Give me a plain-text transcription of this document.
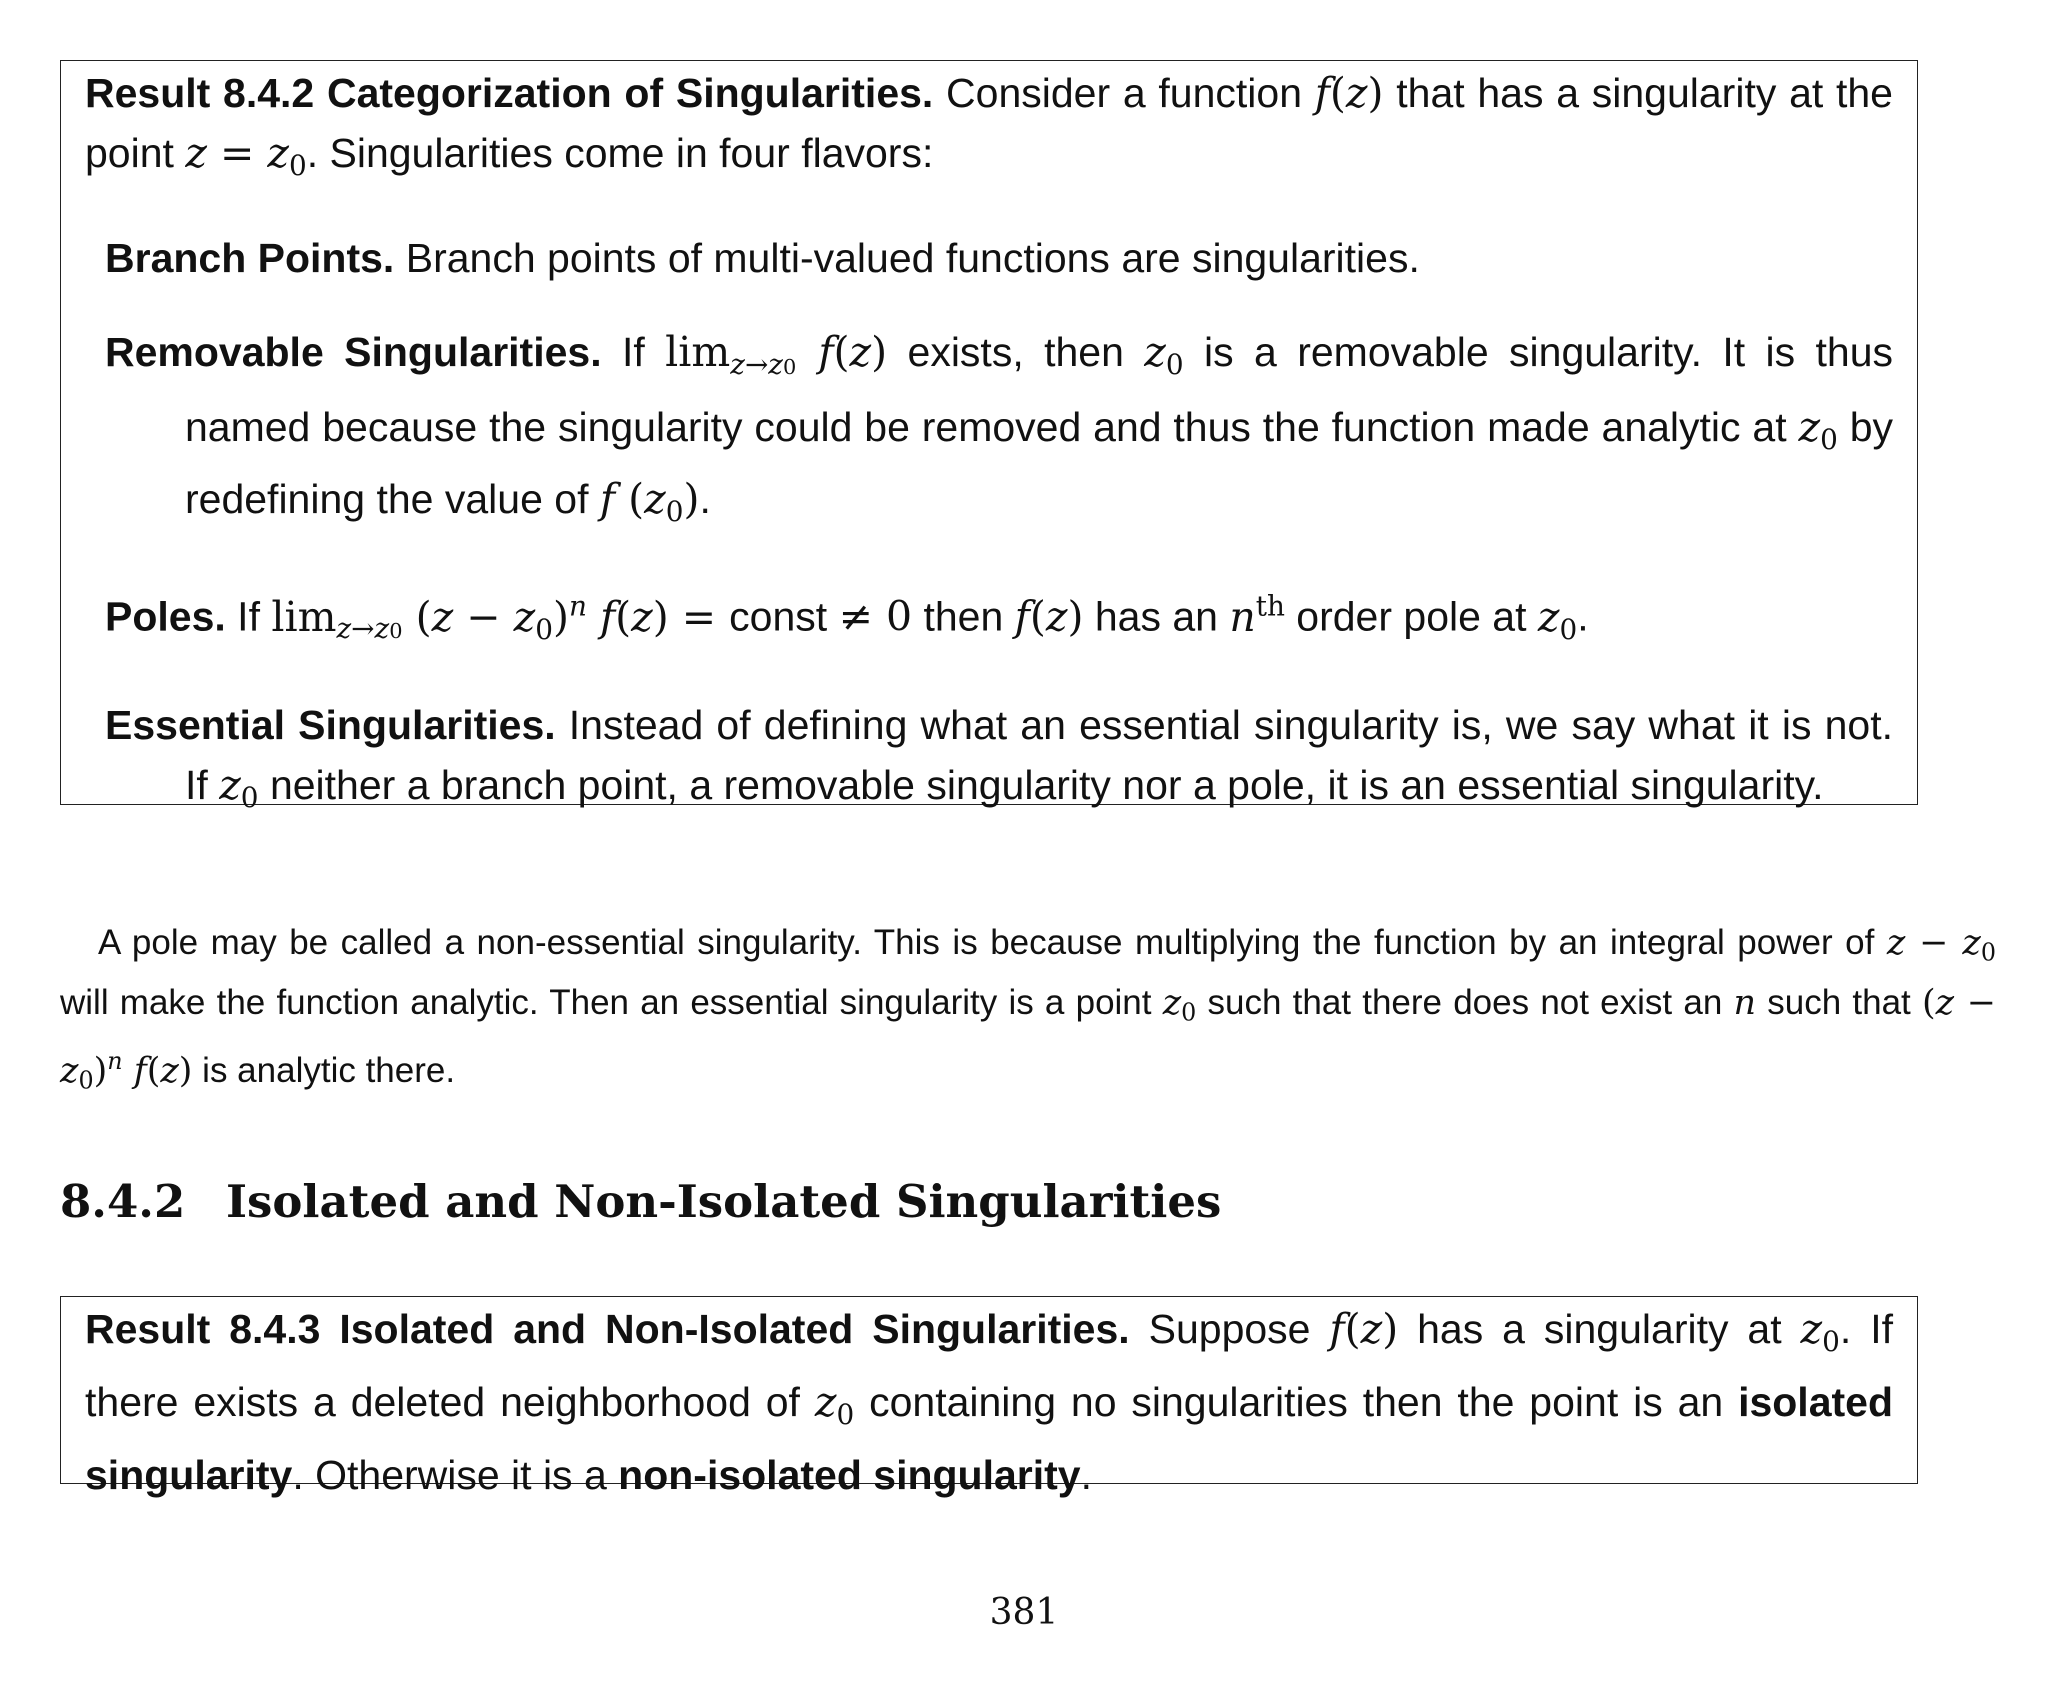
Result 8.4.2 Categorization of Singularities. Consider a function f(z) that has a singularity at the point $z = z_0$. Singularities come in four flavors:

Branch Points. Branch points of multi-valued functions are singularities.

Removable Singularities. If $\lim_{z\to z0} f(z)$ exists, then $z_0$ is a removable singularity. It is thus named because the singularity could be removed and thus the function made analytic at $z_0$ by redefining the value of f $(z_0)$.

Poles. If $\lim_{z\to z0} (z - z_0)^n$ f(z) = const ≠ 0 then f(z) has an $n^{th}$ order pole at $z_0$.

Essential Singularities. Instead of defining what an essential singularity is, we say what it is not. If $z_0$ neither a branch point, a removable singularity nor a pole, it is an essential singularity.

A pole may be called a non-essential singularity. This is because multiplying the function by an integral power of $z - z_0$ will make the function analytic. Then an essential singularity is a point $z_0$ such that there does not exist an n such that $(z - z_0)^n$ f(z) is analytic there.

8.4.2 Isolated and Non-Isolated Singularities

Result 8.4.3 Isolated and Non-Isolated Singularities. Suppose f(z) has a singularity at $z_0$. If there exists a deleted neighborhood of $z_0$ containing no singularities then the point is an isolated singularity. Otherwise it is a non-isolated singularity.

381
